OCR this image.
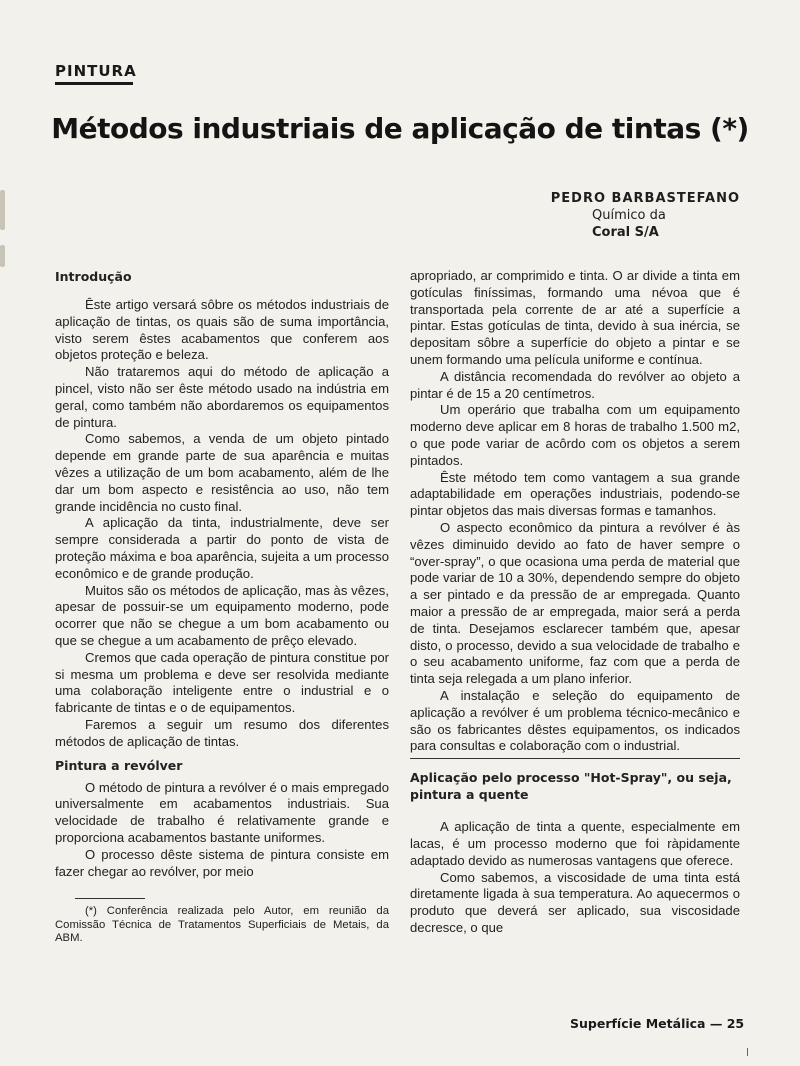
PINTURA
Métodos industriais de aplicação de tintas (*)
PEDRO BARBASTEFANO
Químico da
Coral S/A
Introdução

Êste artigo versará sôbre os métodos industriais de aplicação de tintas, os quais são de suma importância, visto serem êstes acabamentos que conferem aos objetos proteção e beleza.

Não trataremos aqui do método de aplicação a pincel, visto não ser êste método usado na indústria em geral, como também não abordaremos os equipamentos de pintura.

Como sabemos, a venda de um objeto pintado depende em grande parte de sua aparência e muitas vêzes a utilização de um bom acabamento, além de lhe dar um bom aspecto e resistência ao uso, não tem grande incidência no custo final.

A aplicação da tinta, industrialmente, deve ser sempre considerada a partir do ponto de vista de proteção máxima e boa aparência, sujeita a um processo econômico e de grande produção.

Muitos são os métodos de aplicação, mas às vêzes, apesar de possuir-se um equipamento moderno, pode ocorrer que não se chegue a um bom acabamento ou que se chegue a um acabamento de prêço elevado.

Cremos que cada operação de pintura constitue por si mesma um problema e deve ser resolvida mediante uma colaboração inteligente entre o industrial e o fabricante de tintas e o de equipamentos.

Faremos a seguir um resumo dos diferentes métodos de aplicação de tintas.

Pintura a revólver

O método de pintura a revólver é o mais empregado universalmente em acabamentos industriais. Sua velocidade de trabalho é relativamente grande e proporciona acabamentos bastante uniformes.

O processo dêste sistema de pintura consiste em fazer chegar ao revólver, por meio

(*) Conferência realizada pelo Autor, em reunião da Comissão Técnica de Tratamentos Superficiais de Metais, da ABM.

apropriado, ar comprimido e tinta. O ar divide a tinta em gotículas finíssimas, formando uma névoa que é transportada pela corrente de ar até a superfície a pintar. Estas gotículas de tinta, devido à sua inércia, se depositam sôbre a superfície do objeto a pintar e se unem formando uma película uniforme e contínua.

A distância recomendada do revólver ao objeto a pintar é de 15 a 20 centímetros.

Um operário que trabalha com um equipamento moderno deve aplicar em 8 horas de trabalho 1.500 m2, o que pode variar de acôrdo com os objetos a serem pintados.

Êste método tem como vantagem a sua grande adaptabilidade em operações industriais, podendo-se pintar objetos das mais diversas formas e tamanhos.

O aspecto econômico da pintura a revólver é às vêzes diminuido devido ao fato de haver sempre o “over-spray”, o que ocasiona uma perda de material que pode variar de 10 a 30%, dependendo sempre do objeto a ser pintado e da pressão de ar empregada. Quanto maior a pressão de ar empregada, maior será a perda de tinta. Desejamos esclarecer também que, apesar disto, o processo, devido a sua velocidade de trabalho e o seu acabamento uniforme, faz com que a perda de tinta seja relegada a um plano inferior.

A instalação e seleção do equipamento de aplicação a revólver é um problema técnico-mecânico e são os fabricantes dêstes equipamentos, os indicados para consultas e colaboração com o industrial.

Aplicação pelo processo "Hot-Spray", ou seja, pintura a quente

A aplicação de tinta a quente, especialmente em lacas, é um processo moderno que foi ràpidamente adaptado devido as numerosas vantagens que oferece.

Como sabemos, a viscosidade de uma tinta está diretamente ligada à sua temperatura. Ao aquecermos o produto que deverá ser aplicado, sua viscosidade decresce, o que

Superfície Metálica — 25
